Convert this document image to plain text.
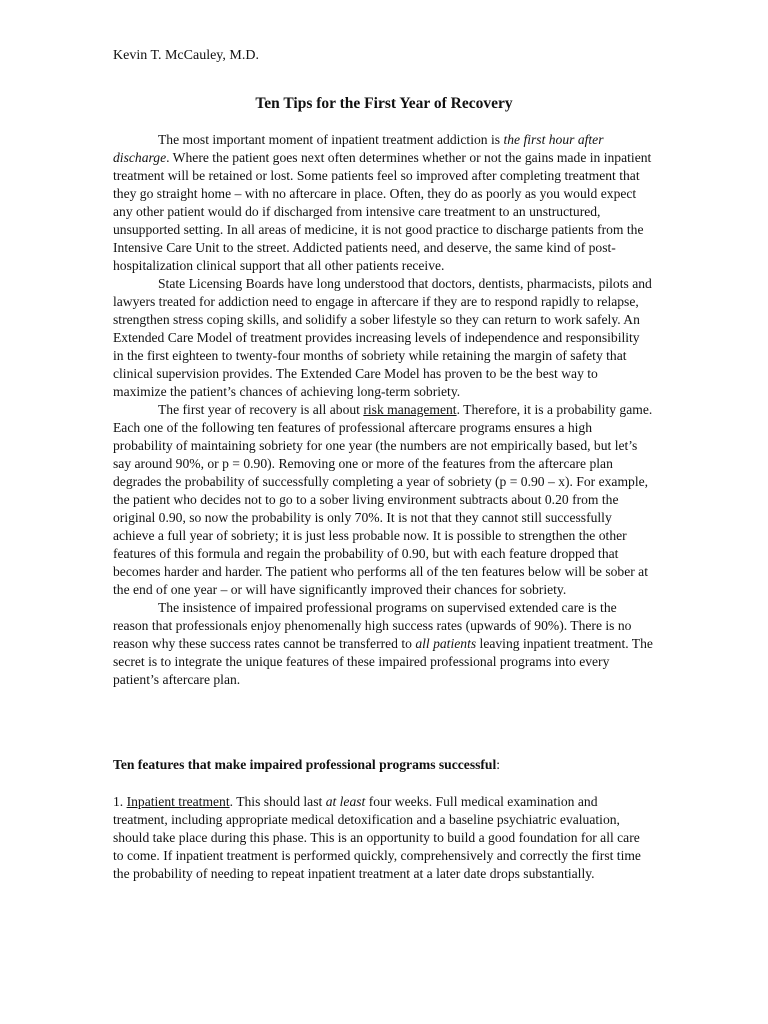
Kevin T. McCauley, M.D.
Ten Tips for the First Year of Recovery

The most important moment of inpatient treatment addiction is the first hour after discharge. Where the patient goes next often determines whether or not the gains made in inpatient treatment will be retained or lost. Some patients feel so improved after completing treatment that they go straight home – with no aftercare in place. Often, they do as poorly as you would expect any other patient would do if discharged from intensive care treatment to an unstructured, unsupported setting. In all areas of medicine, it is not good practice to discharge patients from the Intensive Care Unit to the street. Addicted patients need, and deserve, the same kind of post-hospitalization clinical support that all other patients receive.

State Licensing Boards have long understood that doctors, dentists, pharmacists, pilots and lawyers treated for addiction need to engage in aftercare if they are to respond rapidly to relapse, strengthen stress coping skills, and solidify a sober lifestyle so they can return to work safely. An Extended Care Model of treatment provides increasing levels of independence and responsibility in the first eighteen to twenty-four months of sobriety while retaining the margin of safety that clinical supervision provides. The Extended Care Model has proven to be the best way to maximize the patient’s chances of achieving long-term sobriety.

The first year of recovery is all about risk management. Therefore, it is a probability game. Each one of the following ten features of professional aftercare programs ensures a high probability of maintaining sobriety for one year (the numbers are not empirically based, but let’s say around 90%, or p = 0.90). Removing one or more of the features from the aftercare plan degrades the probability of successfully completing a year of sobriety (p = 0.90 – x). For example, the patient who decides not to go to a sober living environment subtracts about 0.20 from the original 0.90, so now the probability is only 70%. It is not that they cannot still successfully achieve a full year of sobriety; it is just less probable now. It is possible to strengthen the other features of this formula and regain the probability of 0.90, but with each feature dropped that becomes harder and harder. The patient who performs all of the ten features below will be sober at the end of one year – or will have significantly improved their chances for sobriety.

The insistence of impaired professional programs on supervised extended care is the reason that professionals enjoy phenomenally high success rates (upwards of 90%). There is no reason why these success rates cannot be transferred to all patients leaving inpatient treatment. The secret is to integrate the unique features of these impaired professional programs into every patient’s aftercare plan.

Ten features that make impaired professional programs successful:

1. Inpatient treatment. This should last at least four weeks. Full medical examination and treatment, including appropriate medical detoxification and a baseline psychiatric evaluation, should take place during this phase. This is an opportunity to build a good foundation for all care to come. If inpatient treatment is performed quickly, comprehensively and correctly the first time the probability of needing to repeat inpatient treatment at a later date drops substantially.
